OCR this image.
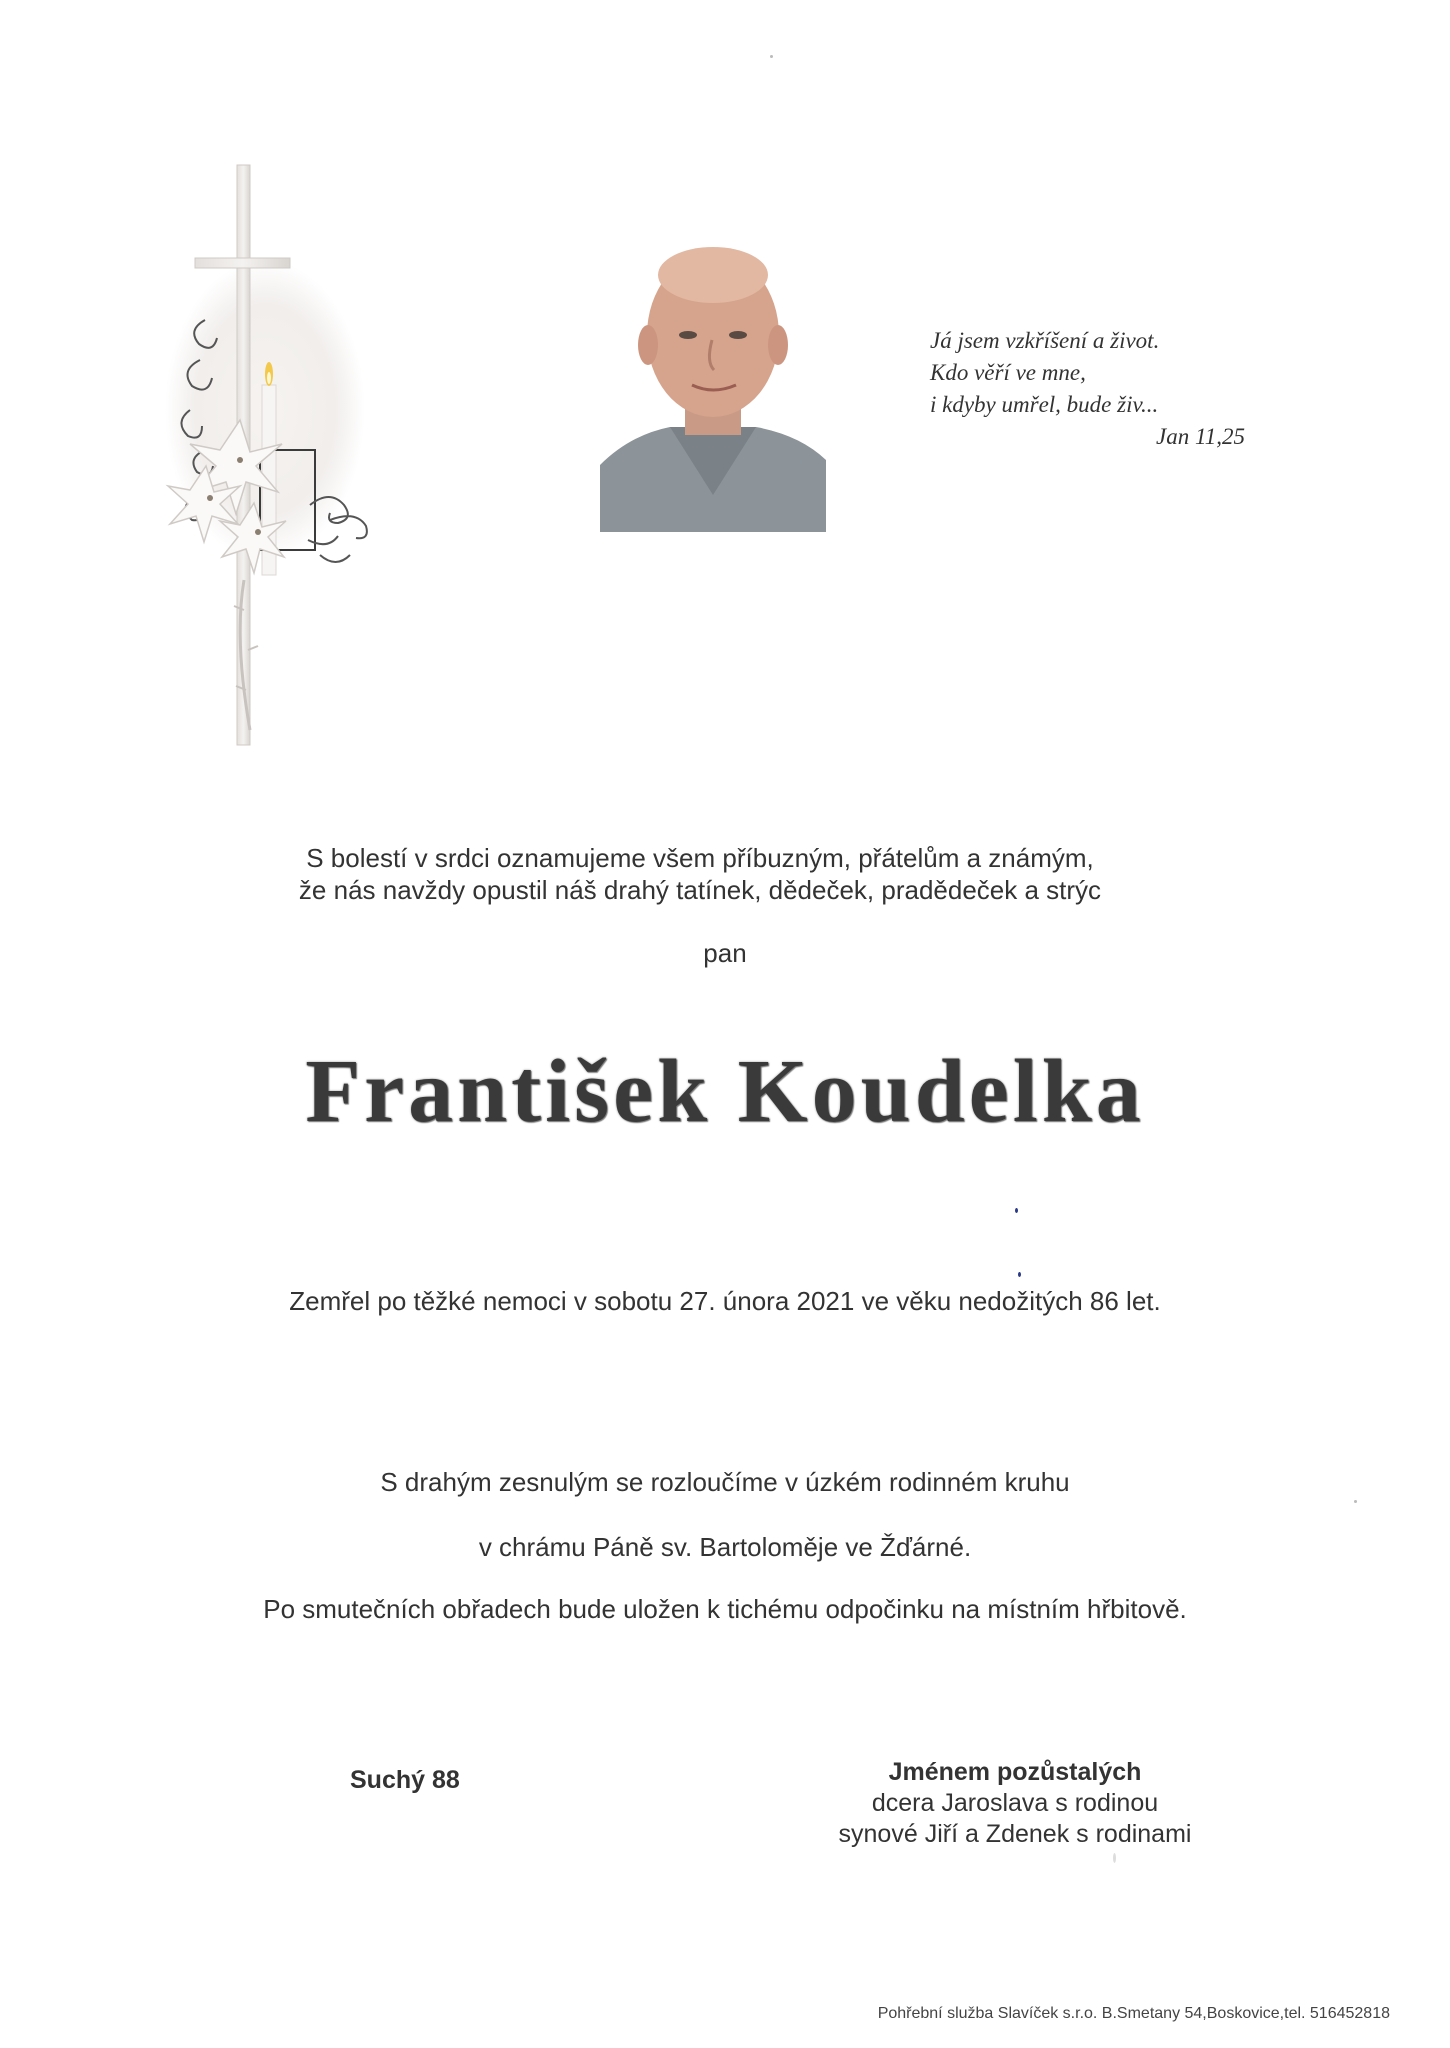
Já jsem vzkříšení a život.
Kdo věří ve mne,
i kdyby umřel, bude živ...
Jan 11,25
S bolestí v srdci oznamujeme všem příbuzným, přátelům a známým,
že nás navždy opustil náš drahý tatínek, dědeček, pradědeček a strýc
pan
František Koudelka
Zemřel po těžké nemoci v sobotu 27. února 2021 ve věku nedožitých 86 let.
S drahým zesnulým se rozloučíme v úzkém rodinném kruhu
v chrámu Páně sv. Bartoloměje ve Žďárné.
Po smutečních obřadech bude uložen k tichému odpočinku na místním hřbitově.
Suchý 88	Jménem pozůstalých
dcera Jaroslava s rodinou
synové Jiří a Zdenek s rodinami
Pohřební služba Slavíček s.r.o. B.Smetany 54,Boskovice,tel. 516452818
